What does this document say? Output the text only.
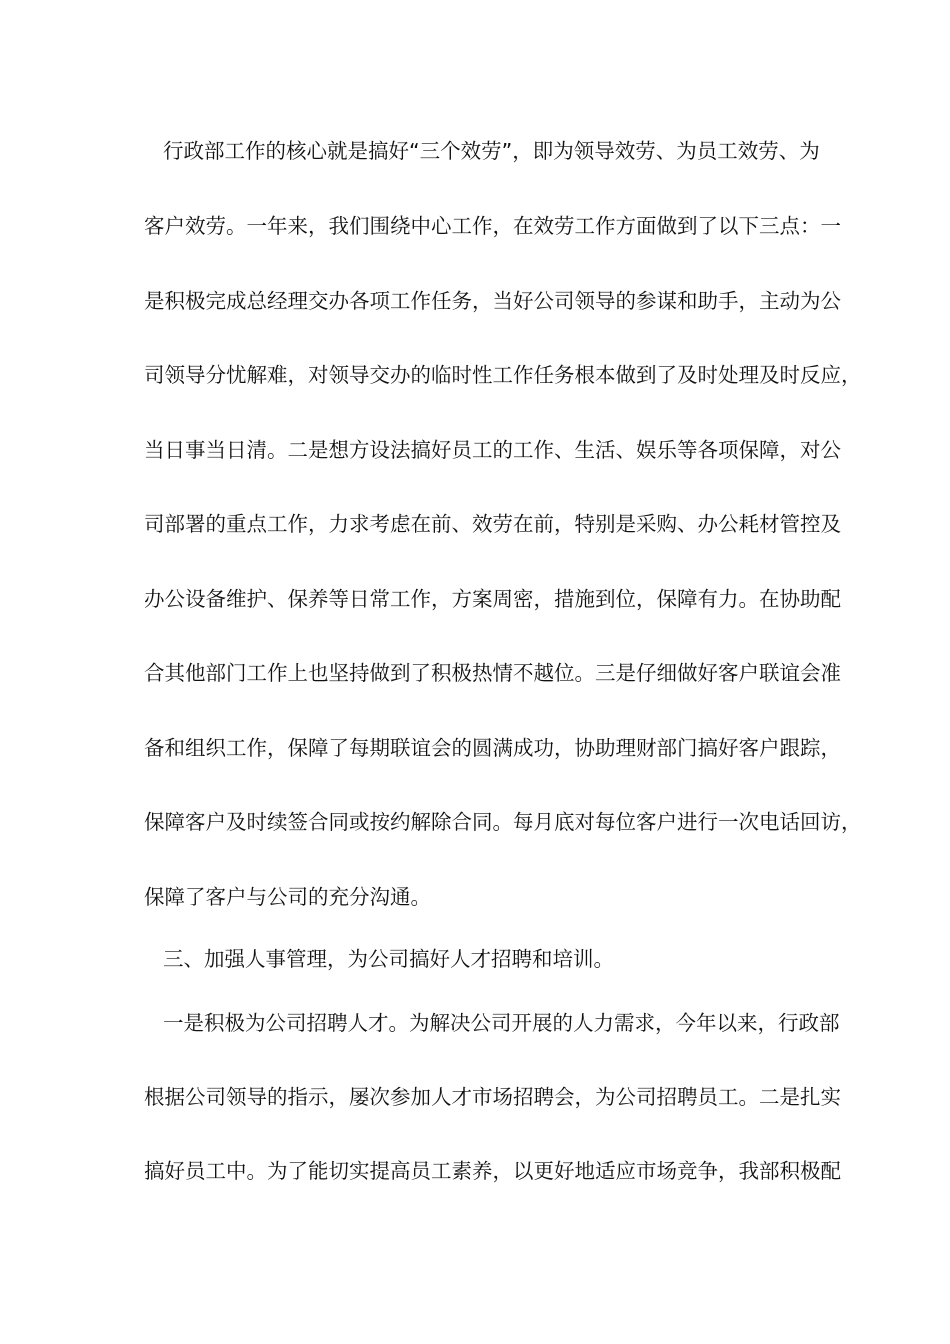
行政部工作的核心就是搞好“三个效劳”，即为领导效劳、为员工效劳、为
客户效劳。一年来，我们围绕中心工作，在效劳工作方面做到了以下三点：一
是积极完成总经理交办各项工作任务，当好公司领导的参谋和助手，主动为公
司领导分忧解难，对领导交办的临时性工作任务根本做到了及时处理及时反应，
当日事当日清。二是想方设法搞好员工的工作、生活、娱乐等各项保障，对公
司部署的重点工作，力求考虑在前、效劳在前，特别是采购、办公耗材管控及
办公设备维护、保养等日常工作，方案周密，措施到位，保障有力。在协助配
合其他部门工作上也坚持做到了积极热情不越位。三是仔细做好客户联谊会准
备和组织工作，保障了每期联谊会的圆满成功，协助理财部门搞好客户跟踪，
保障客户及时续签合同或按约解除合同。每月底对每位客户进行一次电话回访，
保障了客户与公司的充分沟通。
三、加强人事管理，为公司搞好人才招聘和培训。
一是积极为公司招聘人才。为解决公司开展的人力需求，今年以来，行政部
根据公司领导的指示，屡次参加人才市场招聘会，为公司招聘员工。二是扎实
搞好员工中。为了能切实提高员工素养，以更好地适应市场竞争，我部积极配
